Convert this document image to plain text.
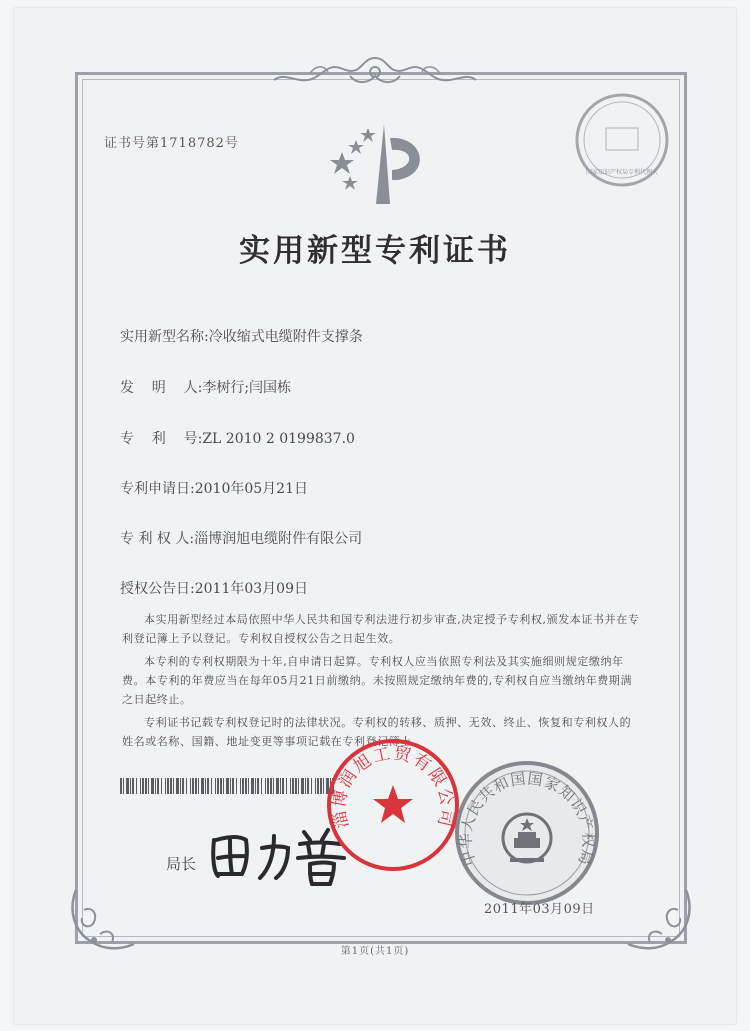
证书号第1718782号
国家知识产权局专利代理人
实用新型专利证书
实用新型名称:冷收缩式电缆附件支撑条
发    明    人:李树行;闫国栋
专    利    号:ZL 2010 2 0199837.0
专利申请日:2010年05月21日
专 利 权 人:淄博润旭电缆附件有限公司
授权公告日:2011年03月09日
本实用新型经过本局依照中华人民共和国专利法进行初步审查,决定授予专利权,颁发本证书并在专利登记簿上予以登记。专利权自授权公告之日起生效。
本专利的专利权期限为十年,自申请日起算。专利权人应当依照专利法及其实施细则规定缴纳年费。本专利的年费应当在每年05月21日前缴纳。未按照规定缴纳年费的,专利权自应当缴纳年费期满之日起终止。
专利证书记载专利权登记时的法律状况。专利权的转移、质押、无效、终止、恢复和专利权人的姓名或名称、国籍、地址变更等事项记载在专利登记簿上。
局长
淄博润旭工贸有限公司
中华人民共和国国家知识产权局
2011年03月09日
第1页(共1页)
